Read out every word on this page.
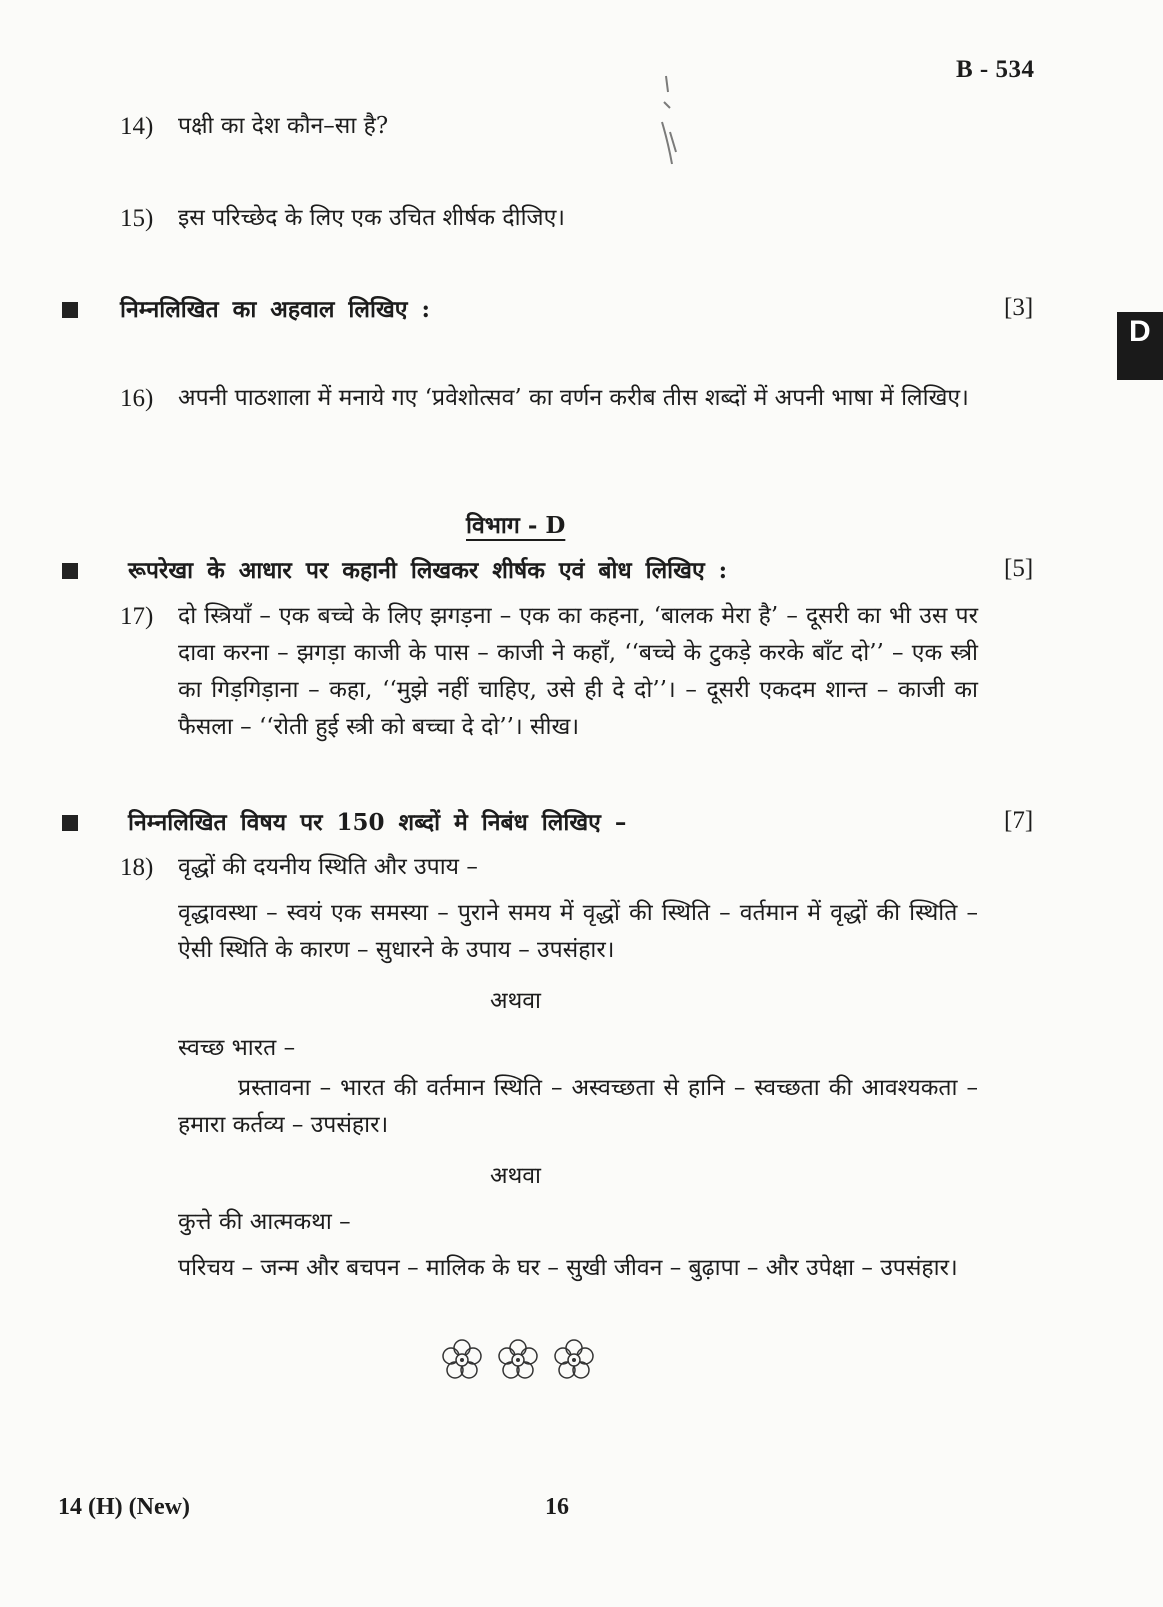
B - 534
D
14) पक्षी का देश कौन–सा है?
15) इस परिच्छेद के लिए एक उचित शीर्षक दीजिए।
निम्नलिखित का अहवाल लिखिए :	[3]
16) अपनी पाठशाला में मनाये गए ‘प्रवेशोत्सव’ का वर्णन करीब तीस शब्दों में अपनी भाषा में लिखिए।
विभाग - D
रूपरेखा के आधार पर कहानी लिखकर शीर्षक एवं बोध लिखिए :	[5]
17) दो स्त्रियाँ – एक बच्चे के लिए झगड़ना – एक का कहना, ‘बालक मेरा है’ – दूसरी का भी उस पर दावा करना – झगड़ा काजी के पास – काजी ने कहाँ, ‘‘बच्चे के टुकड़े करके बाँट दो’’ – एक स्त्री का गिड़गिड़ाना – कहा, ‘‘मुझे नहीं चाहिए, उसे ही दे दो’’। – दूसरी एकदम शान्त – काजी का फैसला – ‘‘रोती हुई स्त्री को बच्चा दे दो’’। सीख।
निम्नलिखित विषय पर 150 शब्दों मे निबंध लिखिए –	[7]
18) वृद्धों की दयनीय स्थिति और उपाय –
वृद्धावस्था – स्वयं एक समस्या – पुराने समय में वृद्धों की स्थिति – वर्तमान में वृद्धों की स्थिति – ऐसी स्थिति के कारण – सुधारने के उपाय – उपसंहार।
अथवा
स्वच्छ भारत –
प्रस्तावना – भारत की वर्तमान स्थिति – अस्वच्छता से हानि – स्वच्छता की आवश्यकता – हमारा कर्तव्य – उपसंहार।
अथवा
कुत्ते की आत्मकथा –
परिचय – जन्म और बचपन – मालिक के घर – सुखी जीवन – बुढ़ापा – और उपेक्षा – उपसंहार।
14 (H) (New)	16
